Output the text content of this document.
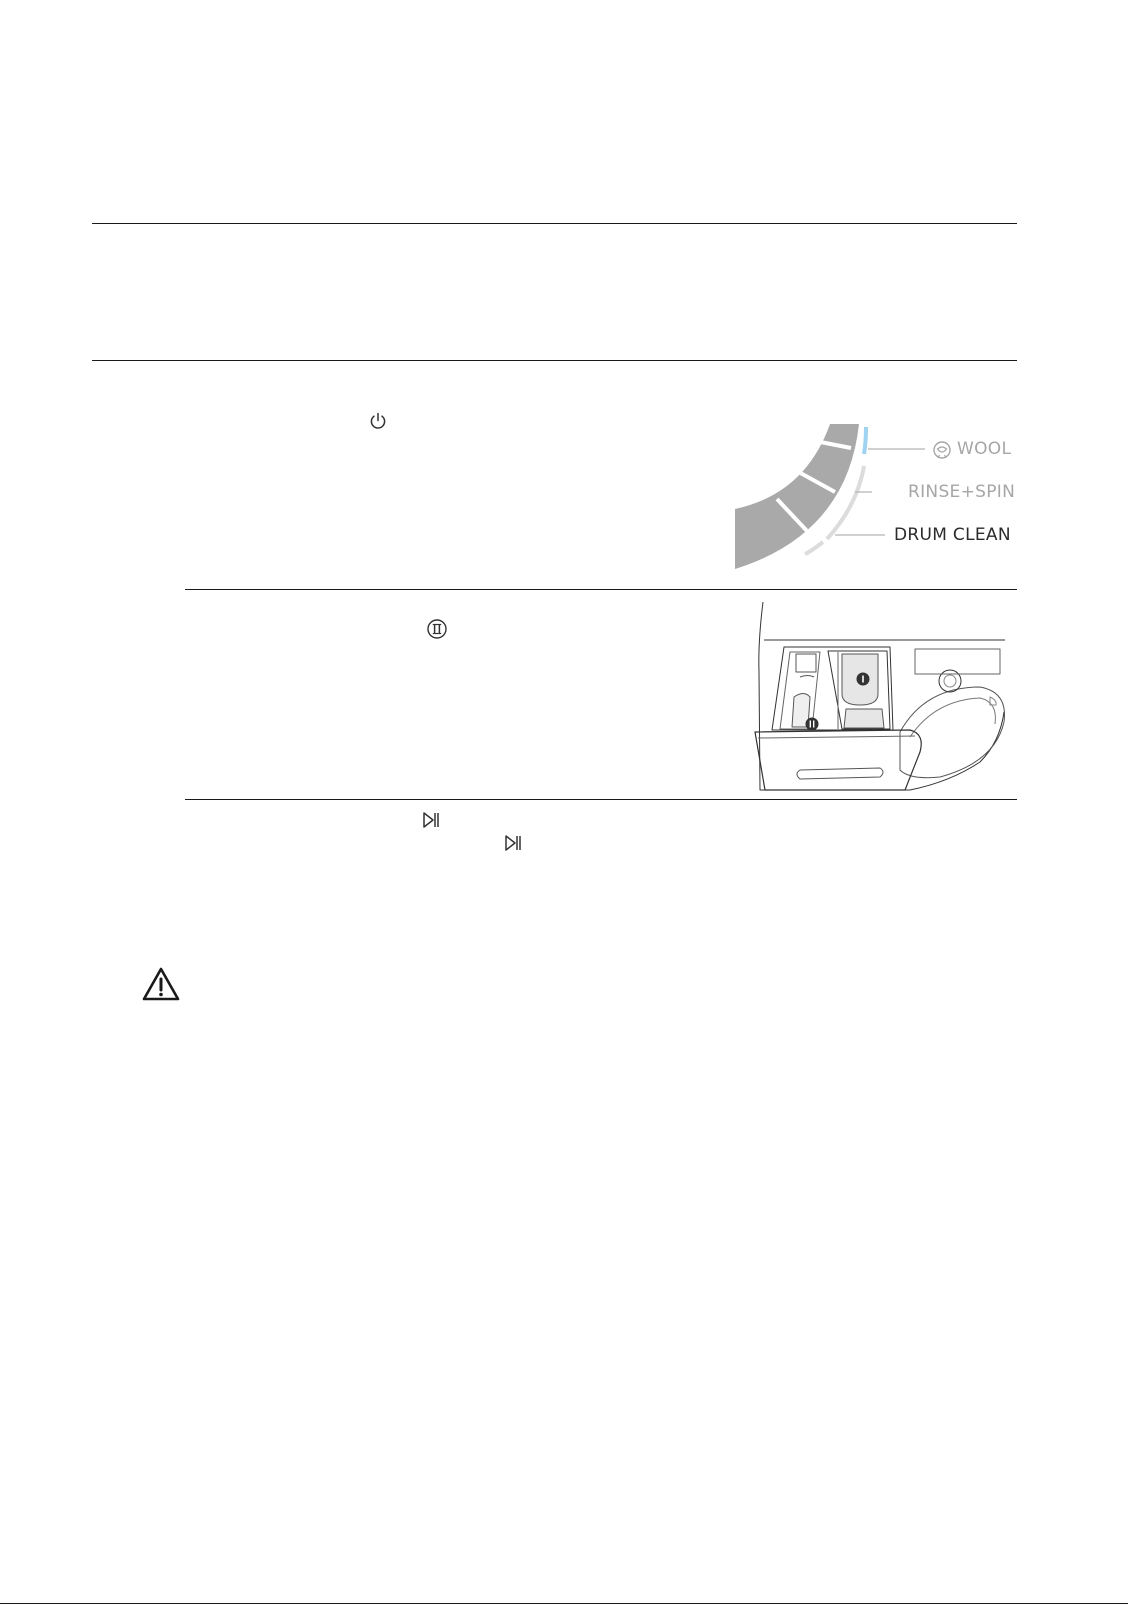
WOOL
RINSE+SPIN
DRUM CLEAN
